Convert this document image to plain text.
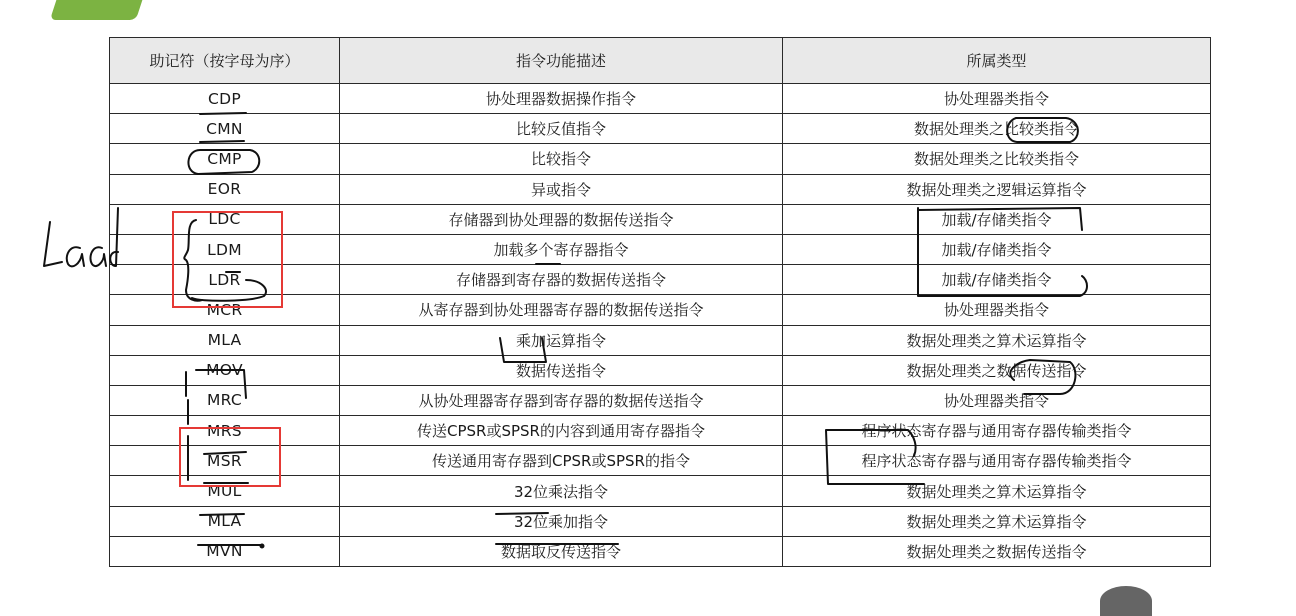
助记符（按字母为序）	指令功能描述	所属类型
CDP	协处理器数据操作指令	协处理器类指令
CMN	比较反值指令	数据处理类之比较类指令
CMP	比较指令	数据处理类之比较类指令
EOR	异或指令	数据处理类之逻辑运算指令
LDC	存储器到协处理器的数据传送指令	加载/存储类指令
LDM	加载多个寄存器指令	加载/存储类指令
LDR	存储器到寄存器的数据传送指令	加载/存储类指令
MCR	从寄存器到协处理器寄存器的数据传送指令	协处理器类指令
MLA	乘加运算指令	数据处理类之算术运算指令
MOV	数据传送指令	数据处理类之数据传送指令
MRC	从协处理器寄存器到寄存器的数据传送指令	协处理器类指令
MRS	传送CPSR或SPSR的内容到通用寄存器指令	程序状态寄存器与通用寄存器传输类指令
MSR	传送通用寄存器到CPSR或SPSR的指令	程序状态寄存器与通用寄存器传输类指令
MUL	32位乘法指令	数据处理类之算术运算指令
MLA	32位乘加指令	数据处理类之算术运算指令
MVN	数据取反传送指令	数据处理类之数据传送指令
